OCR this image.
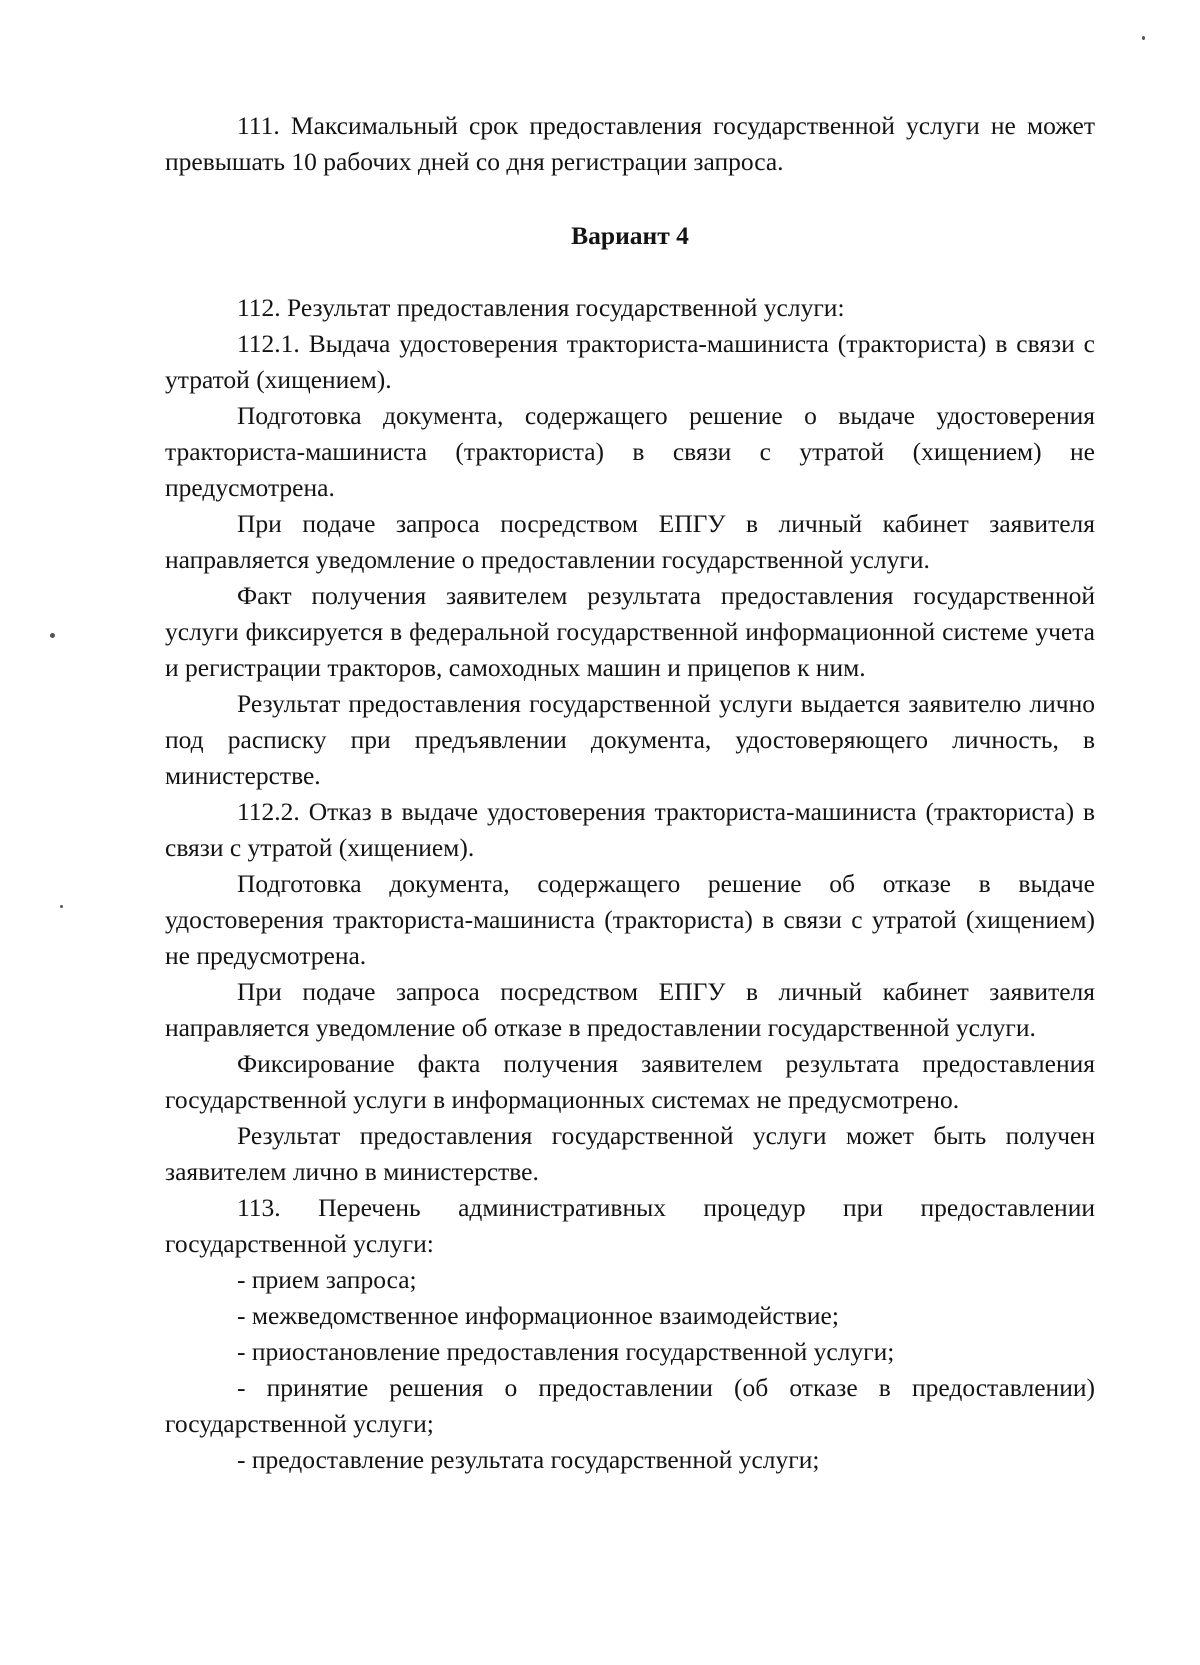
111. Максимальный срок предоставления государственной услуги не может превышать 10 рабочих дней со дня регистрации запроса.

Вариант 4

112. Результат предоставления государственной услуги:

112.1. Выдача удостоверения тракториста-машиниста (тракториста) в связи с утратой (хищением).

Подготовка документа, содержащего решение о выдаче удостоверения тракториста-машиниста (тракториста) в связи с утратой (хищением) не предусмотрена.

При подаче запроса посредством ЕПГУ в личный кабинет заявителя направляется уведомление о предоставлении государственной услуги.

Факт получения заявителем результата предоставления государственной услуги фиксируется в федеральной государственной информационной системе учета и регистрации тракторов, самоходных машин и прицепов к ним.

Результат предоставления государственной услуги выдается заявителю лично под расписку при предъявлении документа, удостоверяющего личность, в министерстве.

112.2. Отказ в выдаче удостоверения тракториста-машиниста (тракториста) в связи с утратой (хищением).

Подготовка документа, содержащего решение об отказе в выдаче удостоверения тракториста-машиниста (тракториста) в связи с утратой (хищением) не предусмотрена.

При подаче запроса посредством ЕПГУ в личный кабинет заявителя направляется уведомление об отказе в предоставлении государственной услуги.

Фиксирование факта получения заявителем результата предоставления государственной услуги в информационных системах не предусмотрено.

Результат предоставления государственной услуги может быть получен заявителем лично в министерстве.

113. Перечень административных процедур при предоставлении государственной услуги:

- прием запроса;

- межведомственное информационное взаимодействие;

- приостановление предоставления государственной услуги;

- принятие решения о предоставлении (об отказе в предоставлении) государственной услуги;

- предоставление результата государственной услуги;
